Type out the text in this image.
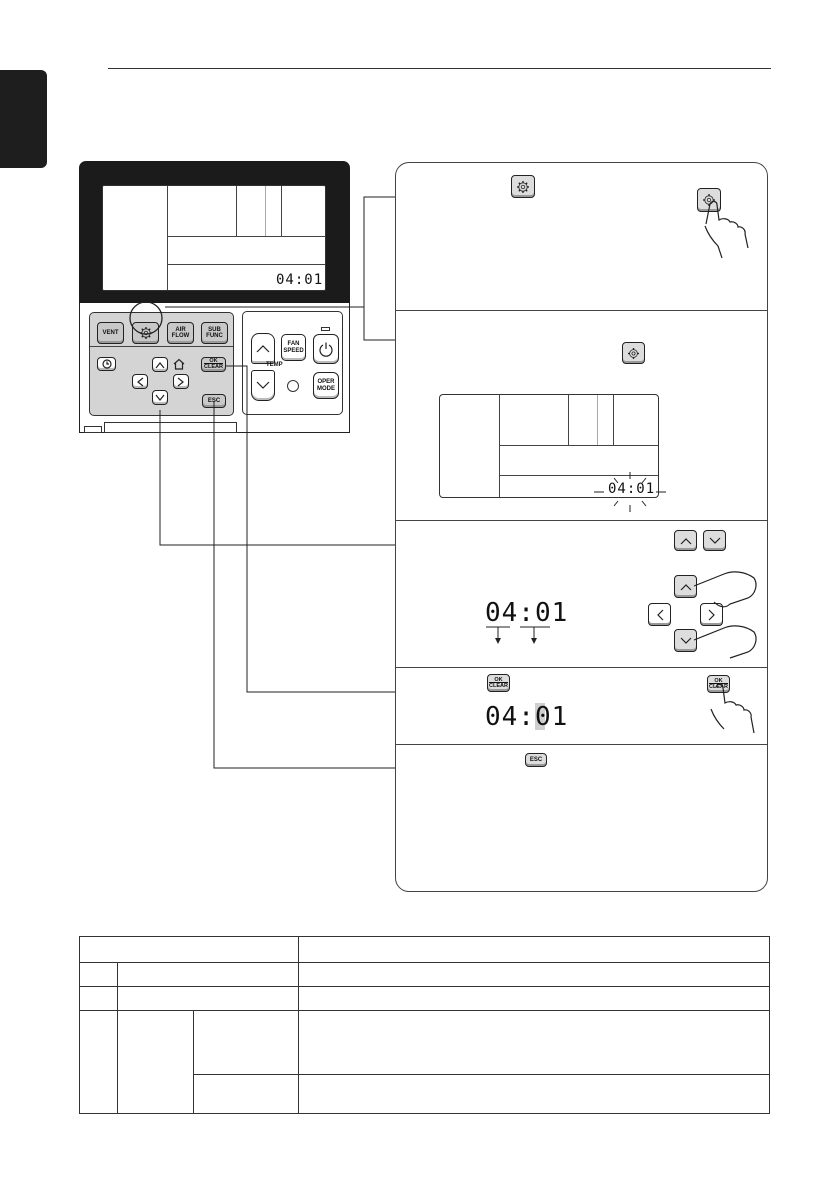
04:01
VENT	AIR
FLOW
SUB
FUNC
OK
CLEAR
ESC
TEMP
FAN
SPEED
OPER
MODE
04:01
04:01
OK
CLEAR
OK
CLEAR
04:01
ESC
